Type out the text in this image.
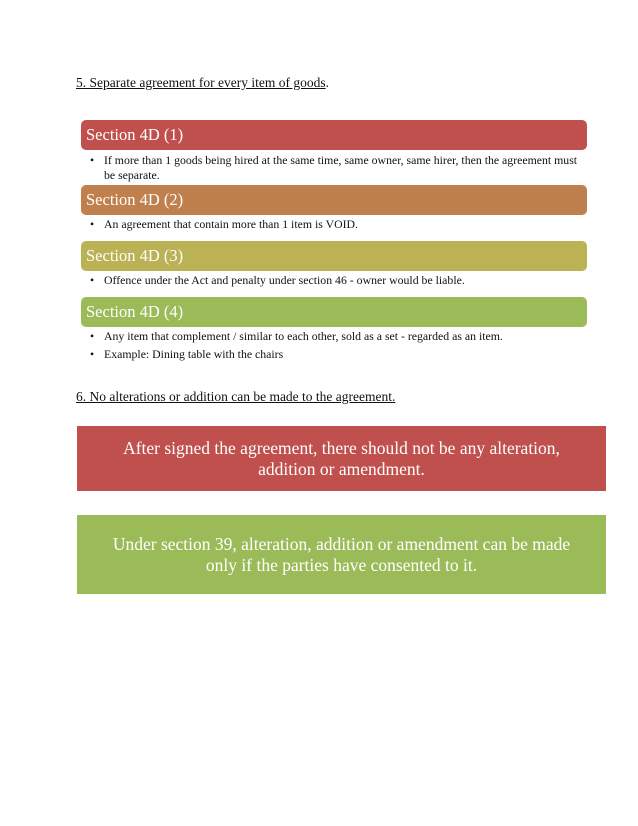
5. Separate agreement for every item of goods.
Section 4D (1)
• If more than 1 goods being hired at the same time, same owner, same hirer, then the agreement must be separate.
Section 4D (2)
• An agreement that contain more than 1 item is VOID.
Section 4D (3)
• Offence under the Act and penalty under section 46 - owner would be liable.
Section 4D (4)
• Any item that complement / similar to each other, sold as a set - regarded as an item.
• Example: Dining table with the chairs
6. No alterations or addition can be made to the agreement.
After signed the agreement, there should not be any alteration, addition or amendment.
Under section 39, alteration, addition or amendment can be made only if the parties have consented to it.
